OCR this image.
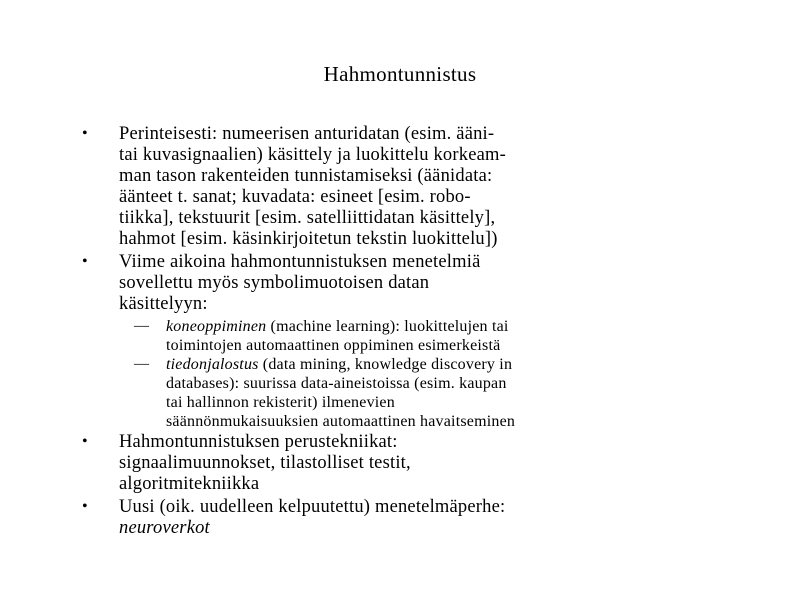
Hahmontunnistus
• Perinteisesti: numeerisen anturidatan (esim. ääni-
tai kuvasignaalien) käsittely ja luokittelu korkeam-
man tason rakenteiden tunnistamiseksi (äänidata:
äänteet t. sanat; kuvadata: esineet [esim. robo-
tiikka], tekstuurit [esim. satelliittidatan käsittely],
hahmot [esim. käsinkirjoitetun tekstin luokittelu])
• Viime aikoina hahmontunnistuksen menetelmiä
sovellettu myös symbolimuotoisen datan
käsittelyyn:
— koneoppiminen (machine learning): luokittelujen tai
toimintojen automaattinen oppiminen esimerkeistä
— tiedonjalostus (data mining, knowledge discovery in
databases): suurissa data-aineistoissa (esim. kaupan
tai hallinnon rekisterit) ilmenevien
säännönmukaisuuksien automaattinen havaitseminen
• Hahmontunnistuksen perustekniikat:
signaalimuunnokset, tilastolliset testit,
algoritmitekniikka
• Uusi (oik. uudelleen kelpuutettu) menetelmäperhe:
neuroverkot
